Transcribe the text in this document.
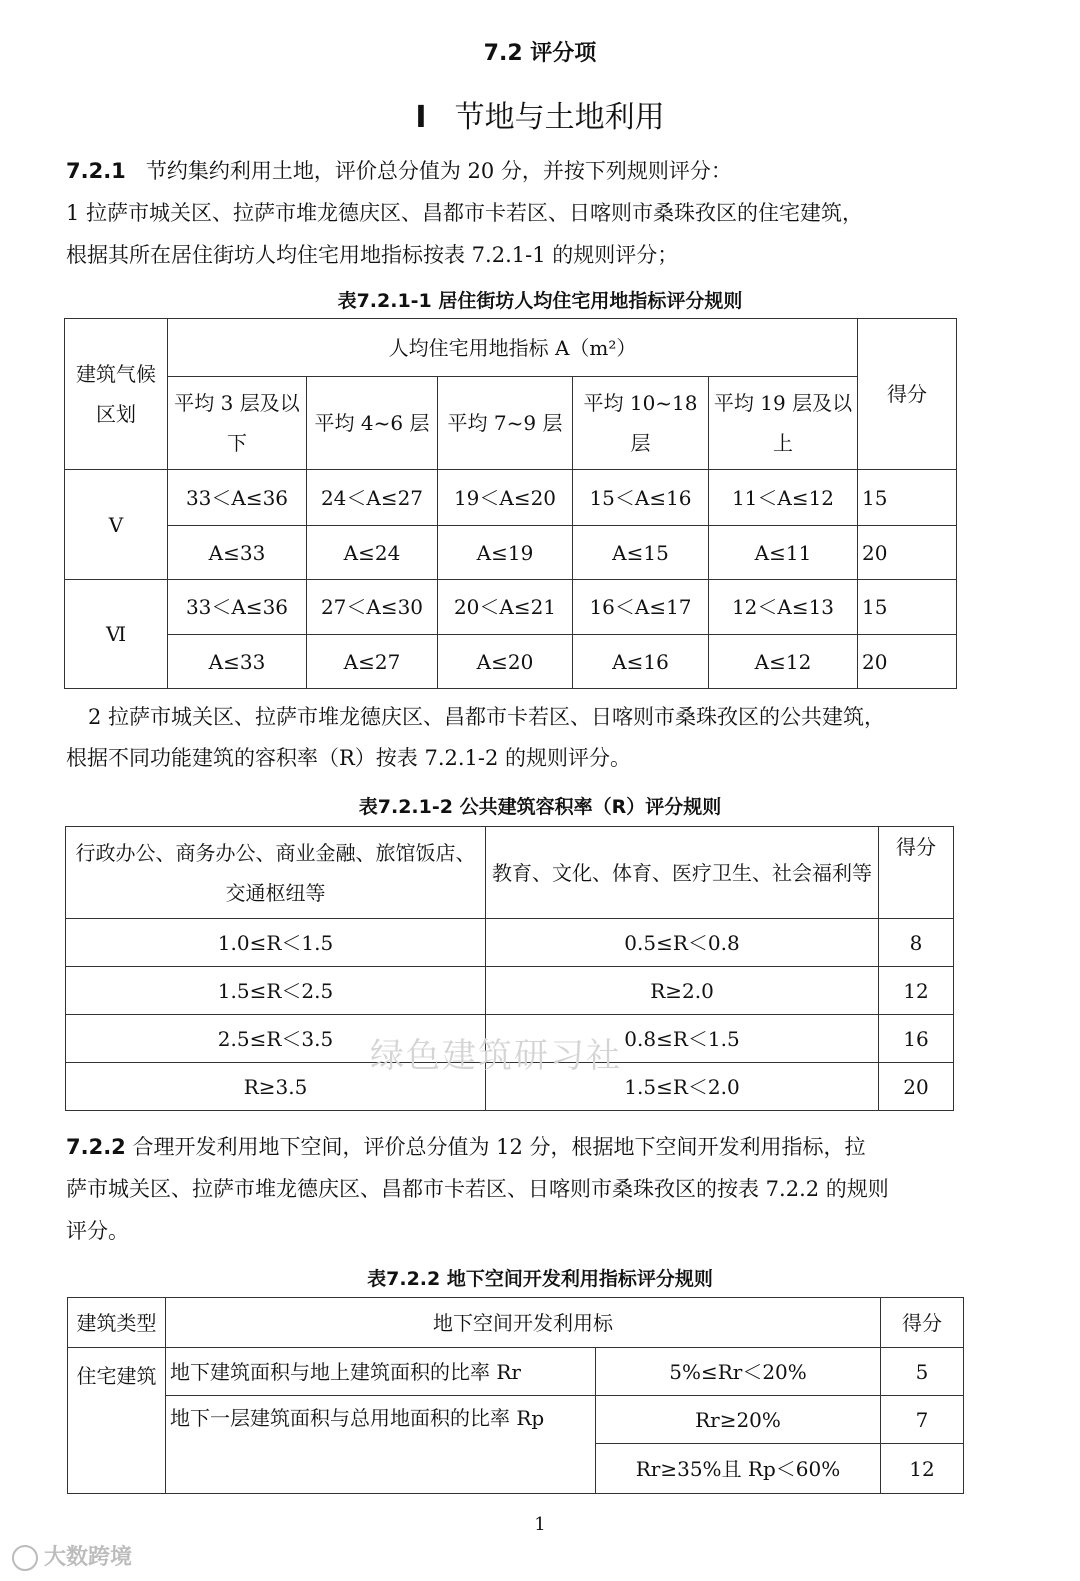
7.2 评分项
Ⅰ 节地与土地利用
7.2.1 节约集约利用土地，评价总分值为 20 分，并按下列规则评分：
1 拉萨市城关区、拉萨市堆龙德庆区、昌都市卡若区、日喀则市桑珠孜区的住宅建筑，
根据其所在居住街坊人均住宅用地指标按表 7.2.1-1 的规则评分；
表7.2.1-1 居住街坊人均住宅用地指标评分规则
建筑气候区划	人均住宅用地指标 A（m²）					得分
	平均 3 层及以下	平均 4~6 层	平均 7~9 层	平均 10~18 层	平均 19 层及以上	
Ⅴ	33＜A≤36	24＜A≤27	19＜A≤20	15＜A≤16	11＜A≤12	15
	A≤33	A≤24	A≤19	A≤15	A≤11	20
Ⅵ	33＜A≤36	27＜A≤30	20＜A≤21	16＜A≤17	12＜A≤13	15
	A≤33	A≤27	A≤20	A≤16	A≤12	20
2 拉萨市城关区、拉萨市堆龙德庆区、昌都市卡若区、日喀则市桑珠孜区的公共建筑，
根据不同功能建筑的容积率（R）按表 7.2.1-2 的规则评分。
表7.2.1-2 公共建筑容积率（R）评分规则
行政办公、商务办公、商业金融、旅馆饭店、交通枢纽等	教育、文化、体育、医疗卫生、社会福利等	得分
1.0≤R＜1.5	0.5≤R＜0.8	8
1.5≤R＜2.5	R≥2.0	12
2.5≤R＜3.5	0.8≤R＜1.5	16
R≥3.5	1.5≤R＜2.0	20
绿色建筑研习社
7.2.2 合理开发利用地下空间，评价总分值为 12 分，根据地下空间开发利用指标，拉
萨市城关区、拉萨市堆龙德庆区、昌都市卡若区、日喀则市桑珠孜区的按表 7.2.2 的规则
评分。
表7.2.2 地下空间开发利用指标评分规则
建筑类型	地下空间开发利用标		得分
住宅建筑	地下建筑面积与地上建筑面积的比率 Rr	5%≤Rr＜20%	5
	地下一层建筑面积与总用地面积的比率 Rp	Rr≥20%	7
		Rr≥35%且 Rp＜60%	12
1
大数跨境
